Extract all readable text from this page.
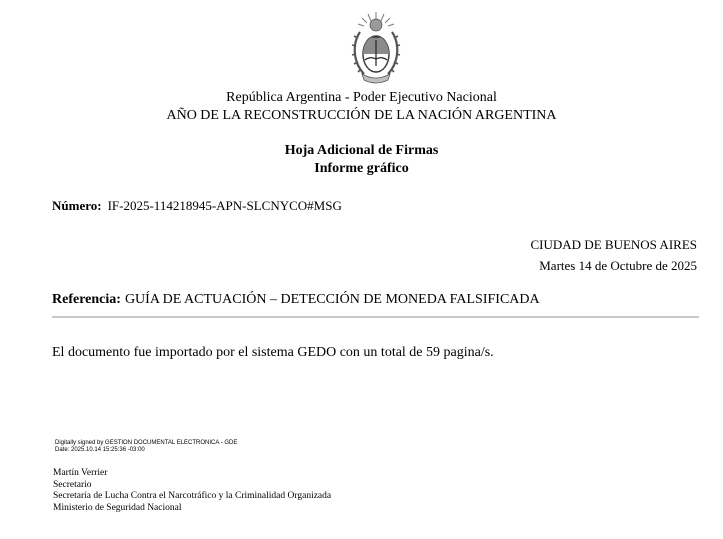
República Argentina - Poder Ejecutivo Nacional
AÑO DE LA RECONSTRUCCIÓN DE LA NACIÓN ARGENTINA
Hoja Adicional de Firmas
Informe gráfico
Número: IF-2025-114218945-APN-SLCNYCO#MSG
CIUDAD DE BUENOS AIRES
Martes 14 de Octubre de 2025
Referencia: GUÍA DE ACTUACIÓN – DETECCIÓN DE MONEDA FALSIFICADA
El documento fue importado por el sistema GEDO con un total de 59 pagina/s.
Digitally signed by GESTION DOCUMENTAL ELECTRONICA - GDE
Date: 2025.10.14 15:25:36 -03:00
Martín Verrier
Secretario
Secretaría de Lucha Contra el Narcotráfico y la Criminalidad Organizada
Ministerio de Seguridad Nacional
